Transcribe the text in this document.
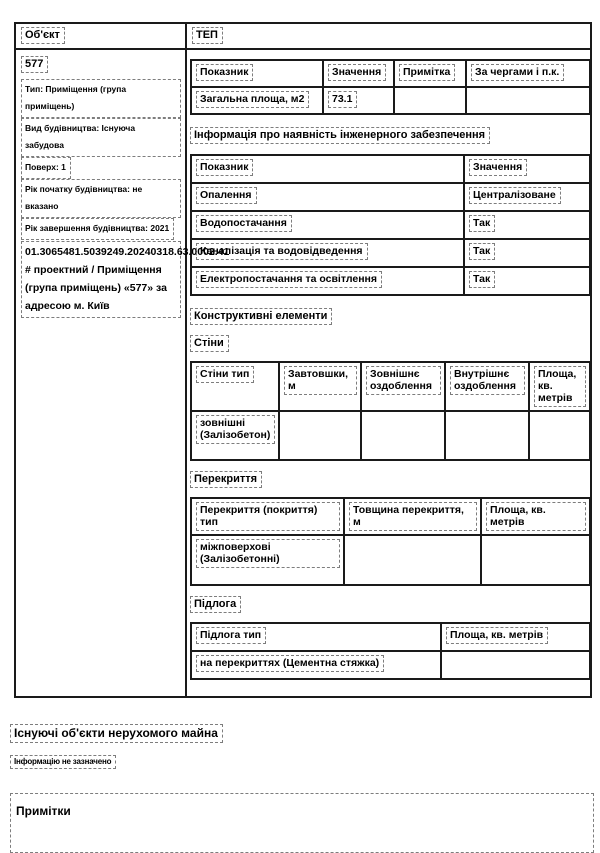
Об'єкт	ТЕП

577
Тип: Приміщення (група приміщень)
Вид будівництва: Існуюча забудова
Поверх: 1
Рік початку будівництва: не вказано
Рік завершення будівництва: 2021
01.3065481.5039249.20240318.63.0002.41 # проектний / Приміщення (група приміщень) «577» за адресою м. Київ

Показник	Значення	Примітка	За чергами і п.к.
Загальна площа, м2	73.1		
Інформація про наявність інженерного забезпечення
Показник	Значення
Опалення	Централізоване
Водопостачання	Так
Каналізація та водовідведення	Так
Електропостачання та освітлення	Так
Конструктивні елементи
Стіни
Стіни тип	Завтовшки, м	Зовнішнє оздоблення	Внутрішнє оздоблення	Площа, кв. метрів
зовнішні (Залізобетон)				
Перекриття
Перекриття (покриття) тип	Товщина перекриття, м	Площа, кв. метрів
міжповерхові (Залізобетонні)		
Підлога
Підлога тип	Площа, кв. метрів
на перекриттях (Цементна стяжка)	
Існуючі об'єкти нерухомого майна
Інформацію не зазначено
Примітки
